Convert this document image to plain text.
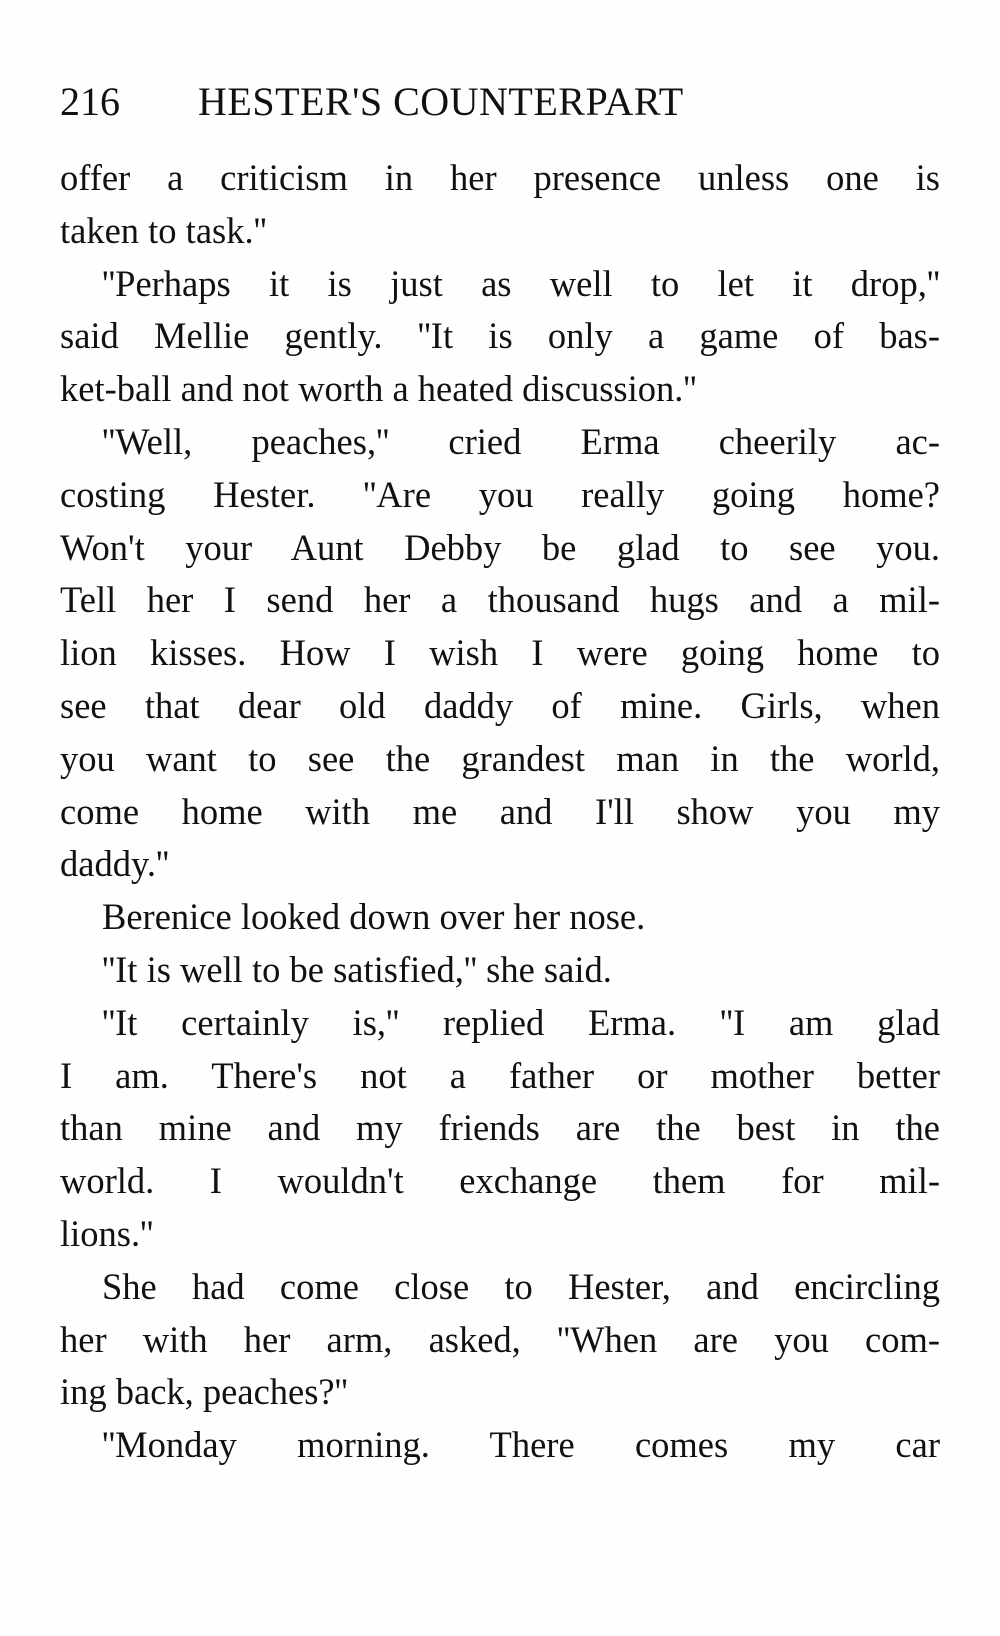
216 HESTER'S COUNTERPART
offer a criticism in her presence unless one is
taken to task.''
''Perhaps it is just as well to let it drop,''
said Mellie gently. ''It is only a game of bas-
ket-ball and not worth a heated discussion.''
''Well, peaches,'' cried Erma cheerily ac-
costing Hester. ''Are you really going home?
Won't your Aunt Debby be glad to see you.
Tell her I send her a thousand hugs and a mil-
lion kisses. How I wish I were going home to
see that dear old daddy of mine. Girls, when
you want to see the grandest man in the world,
come home with me and I'll show you my
daddy.''
Berenice looked down over her nose.
''It is well to be satisfied,'' she said.
''It certainly is,'' replied Erma. ''I am glad
I am. There's not a father or mother better
than mine and my friends are the best in the
world. I wouldn't exchange them for mil-
lions.''
She had come close to Hester, and encircling
her with her arm, asked, ''When are you com-
ing back, peaches?''
''Monday morning. There comes my car
